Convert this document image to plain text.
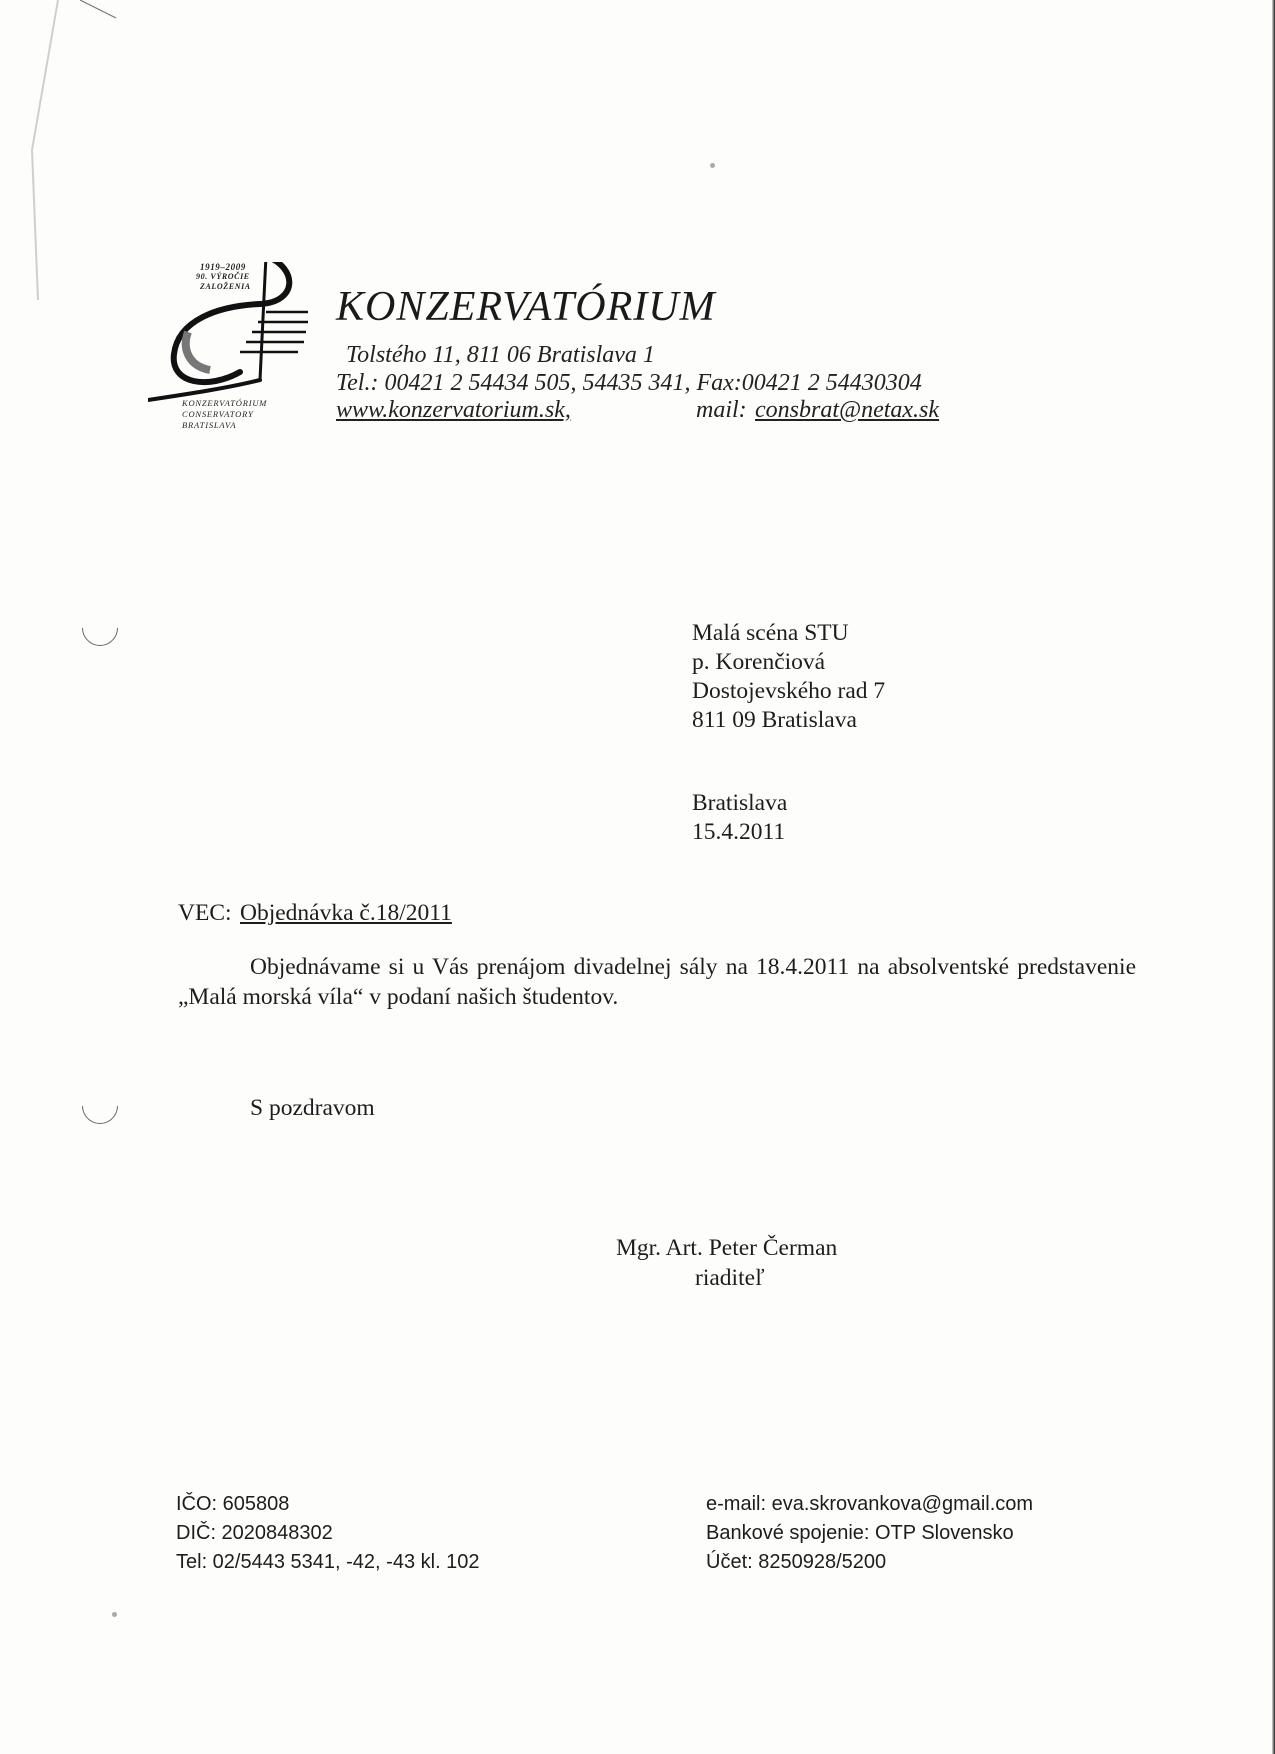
1919–2009
90. VÝROČIE
ZALOŽENIA
KONZERVATÓRIUM
CONSERVATORY
BRATISLAVA
KONZERVATÓRIUM
Tolstého 11, 811 06 Bratislava 1
Tel.: 00421 2 54434 505, 54435 341, Fax:00421 2 54430304
www.konzervatorium.sk,	mail: consbrat@netax.sk
Malá scéna STU
p. Korenčiová
Dostojevského rad 7
811 09 Bratislava
Bratislava
15.4.2011
VEC: Objednávka č.18/2011
Objednávame si u Vás prenájom divadelnej sály na 18.4.2011 na absolventské predstavenie „Malá morská víla“ v podaní našich študentov.
S pozdravom
Mgr. Art. Peter Čerman
riaditeľ
IČO: 605808
DIČ: 2020848302
Tel: 02/5443 5341, -42, -43 kl. 102
e-mail: eva.skrovankova@gmail.com
Bankové spojenie: OTP Slovensko
Účet: 8250928/5200
